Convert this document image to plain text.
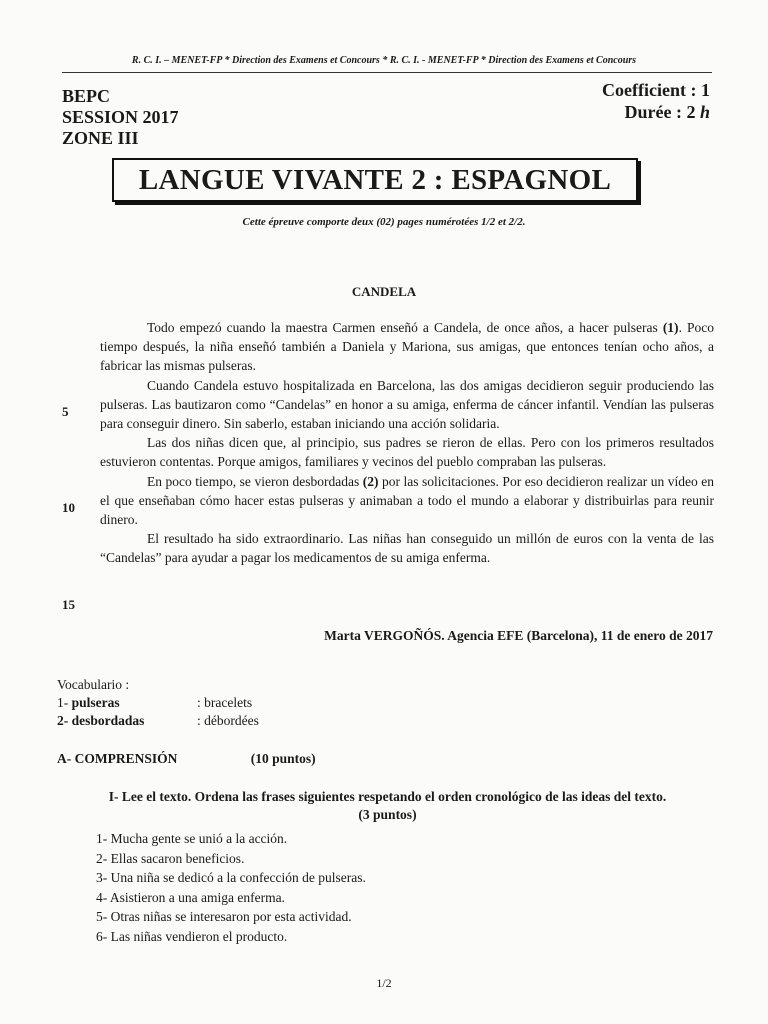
R. C. I. – MENET-FP * Direction des Examens et Concours * R. C. I. - MENET-FP * Direction des Examens et Concours
BEPC
SESSION 2017
ZONE III
Coefficient : 1
Durée : 2 h
LANGUE VIVANTE 2 : ESPAGNOL
Cette épreuve comporte deux (02) pages numérotées 1/2 et 2/2.
CANDELA

Todo empezó cuando la maestra Carmen enseñó a Candela, de once años, a hacer pulseras (1). Poco tiempo después, la niña enseñó también a Daniela y Mariona, sus amigas, que entonces tenían ocho años, a fabricar las mismas pulseras.

Cuando Candela estuvo hospitalizada en Barcelona, las dos amigas decidieron seguir produciendo las pulseras. Las bautizaron como “Candelas” en honor a su amiga, enferma de cáncer infantil. Vendían las pulseras para conseguir dinero. Sin saberlo, estaban iniciando una acción solidaria.

Las dos niñas dicen que, al principio, sus padres se rieron de ellas. Pero con los primeros resultados estuvieron contentas. Porque amigos, familiares y vecinos del pueblo compraban las pulseras.

En poco tiempo, se vieron desbordadas (2) por las solicitaciones. Por eso decidieron realizar un vídeo en el que enseñaban cómo hacer estas pulseras y animaban a todo el mundo a elaborar y distribuirlas para reunir dinero.

El resultado ha sido extraordinario. Las niñas han conseguido un millón de euros con la venta de las “Candelas” para ayudar a pagar los medicamentos de su amiga enferma.

5
10
15
Marta VERGOÑÓS. Agencia EFE (Barcelona), 11 de enero de 2017
Vocabulario :
1- pulseras	: bracelets
2- desbordadas	: débordées
A- COMPRENSIÓN	(10 puntos)
I- Lee el texto. Ordena las frases siguientes respetando el orden cronológico de las ideas del texto.
(3 puntos)
1- Mucha gente se unió a la acción.
2- Ellas sacaron beneficios.
3- Una niña se dedicó a la confección de pulseras.
4- Asistieron a una amiga enferma.
5- Otras niñas se interesaron por esta actividad.
6- Las niñas vendieron el producto.
1/2
